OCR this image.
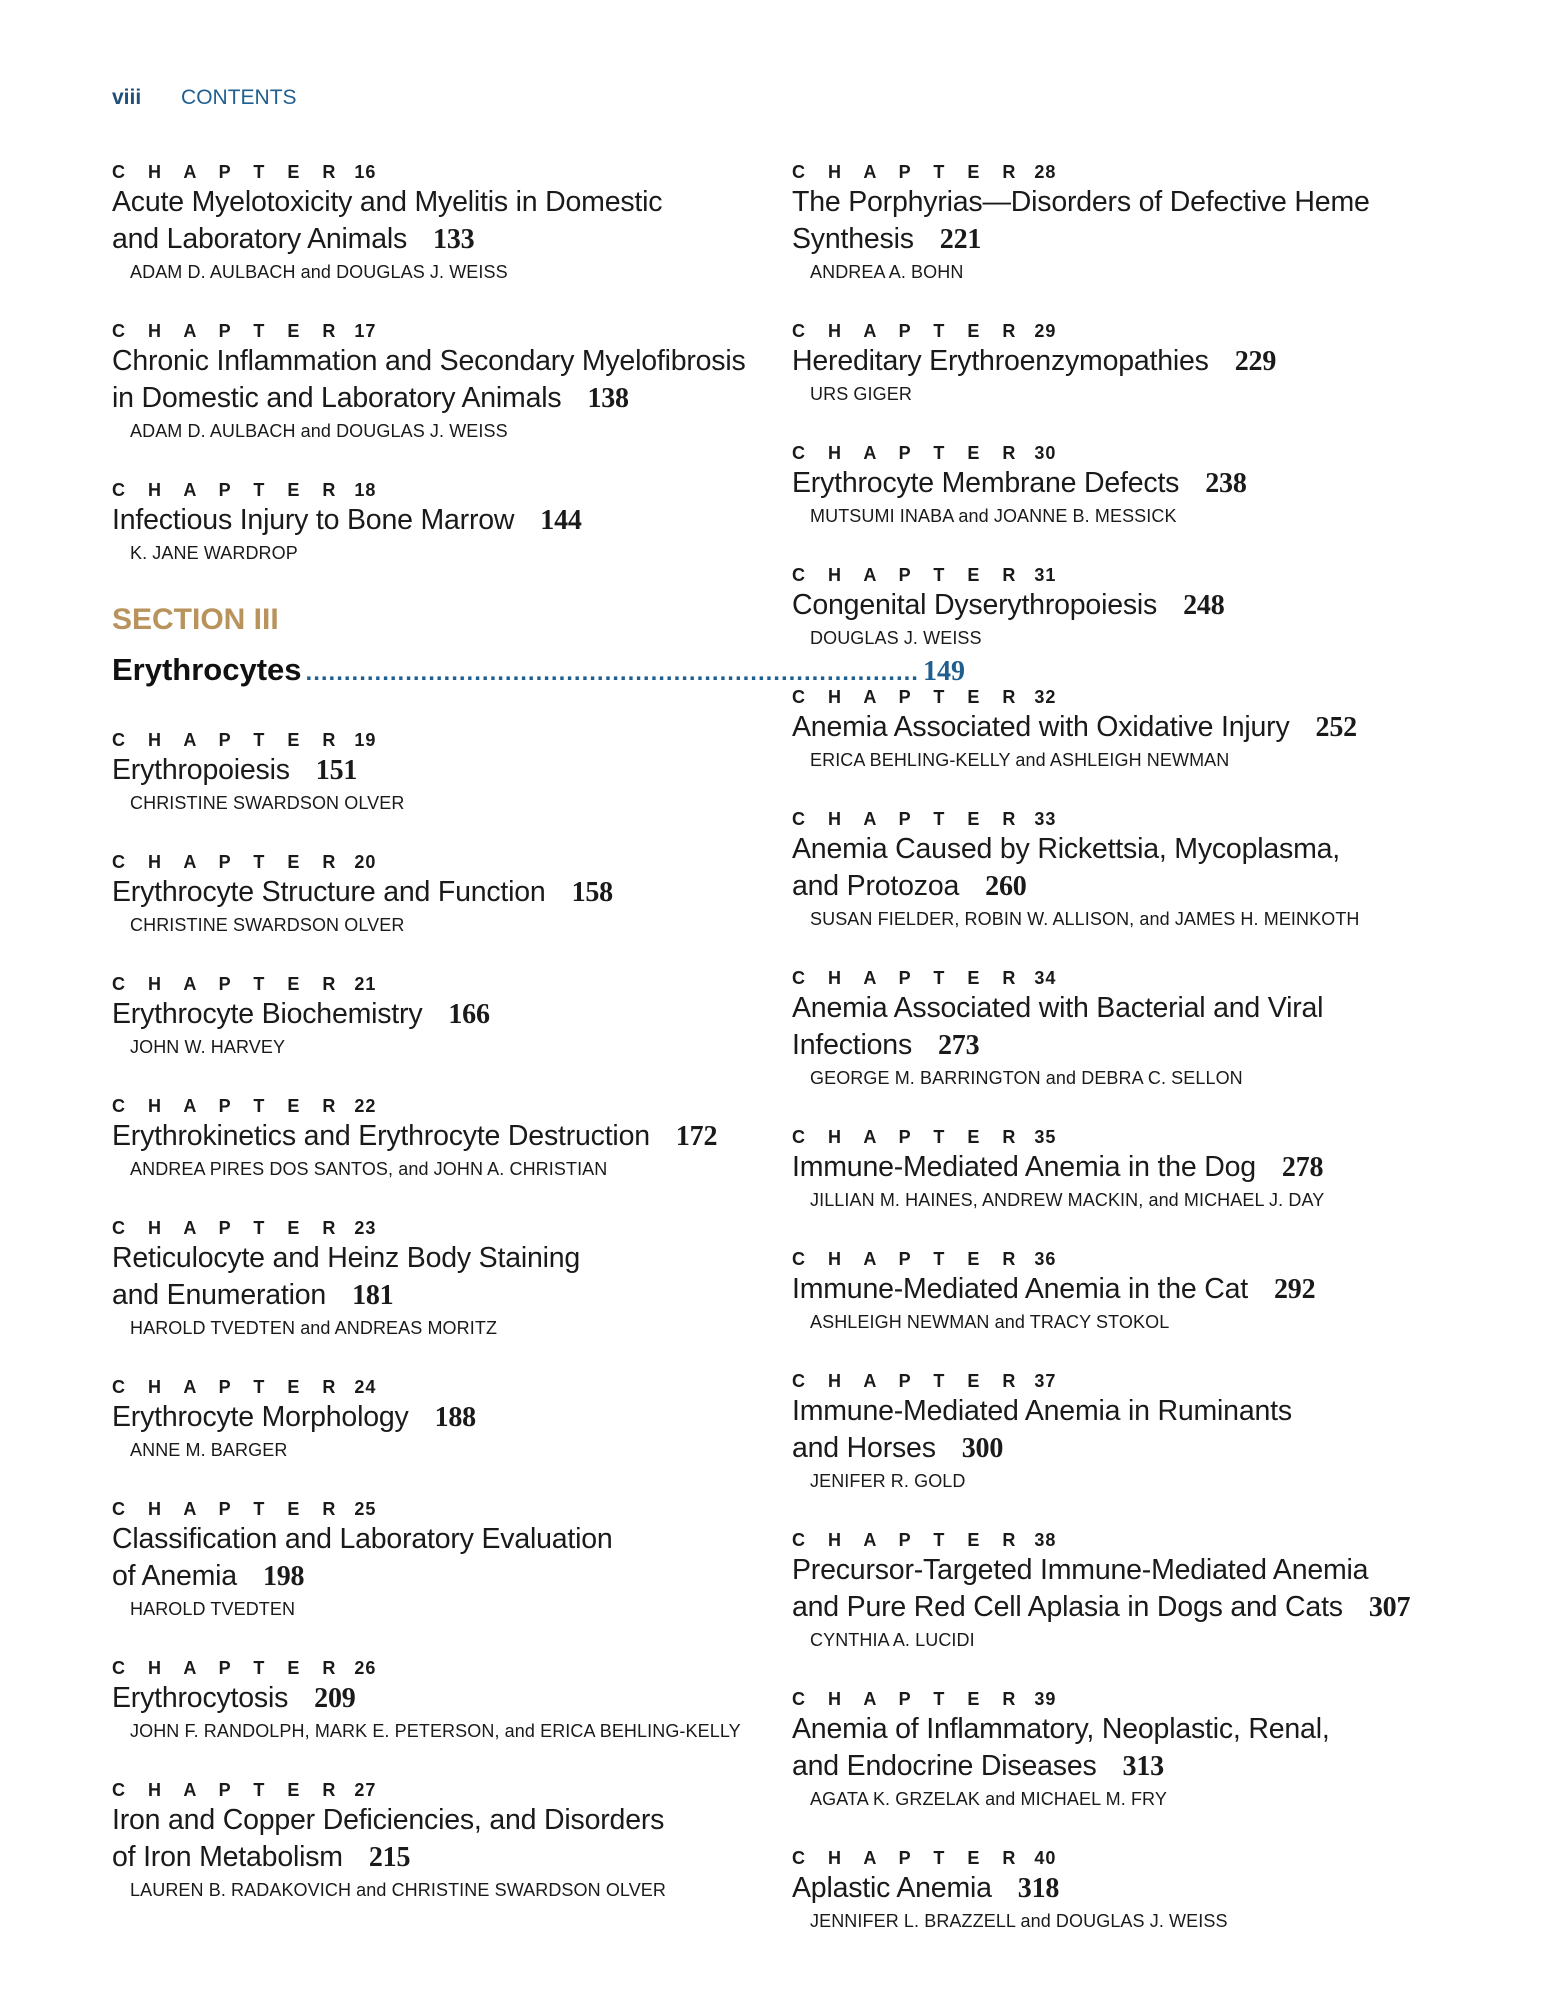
viii CONTENTS
C H A P T E R 16
Acute Myelotoxicity and Myelitis in Domestic
and Laboratory Animals 133
ADAM D. AULBACH and DOUGLAS J. WEISS
C H A P T E R 17
Chronic Inflammation and Secondary Myelofibrosis
in Domestic and Laboratory Animals 138
ADAM D. AULBACH and DOUGLAS J. WEISS
C H A P T E R 18
Infectious Injury to Bone Marrow 144
K. JANE WARDROP
SECTION III
Erythrocytes ................................................................................ 149
C H A P T E R 19
Erythropoiesis 151
CHRISTINE SWARDSON OLVER
C H A P T E R 20
Erythrocyte Structure and Function 158
CHRISTINE SWARDSON OLVER
C H A P T E R 21
Erythrocyte Biochemistry 166
JOHN W. HARVEY
C H A P T E R 22
Erythrokinetics and Erythrocyte Destruction 172
ANDREA PIRES DOS SANTOS, and JOHN A. CHRISTIAN
C H A P T E R 23
Reticulocyte and Heinz Body Staining
and Enumeration 181
HAROLD TVEDTEN and ANDREAS MORITZ
C H A P T E R 24
Erythrocyte Morphology 188
ANNE M. BARGER
C H A P T E R 25
Classification and Laboratory Evaluation
of Anemia 198
HAROLD TVEDTEN
C H A P T E R 26
Erythrocytosis 209
JOHN F. RANDOLPH, MARK E. PETERSON, and ERICA BEHLING-KELLY
C H A P T E R 27
Iron and Copper Deficiencies, and Disorders
of Iron Metabolism 215
LAUREN B. RADAKOVICH and CHRISTINE SWARDSON OLVER
C H A P T E R 28
The Porphyrias—Disorders of Defective Heme
Synthesis 221
ANDREA A. BOHN
C H A P T E R 29
Hereditary Erythroenzymopathies 229
URS GIGER
C H A P T E R 30
Erythrocyte Membrane Defects 238
MUTSUMI INABA and JOANNE B. MESSICK
C H A P T E R 31
Congenital Dyserythropoiesis 248
DOUGLAS J. WEISS
C H A P T E R 32
Anemia Associated with Oxidative Injury 252
ERICA BEHLING-KELLY and ASHLEIGH NEWMAN
C H A P T E R 33
Anemia Caused by Rickettsia, Mycoplasma,
and Protozoa 260
SUSAN FIELDER, ROBIN W. ALLISON, and JAMES H. MEINKOTH
C H A P T E R 34
Anemia Associated with Bacterial and Viral
Infections 273
GEORGE M. BARRINGTON and DEBRA C. SELLON
C H A P T E R 35
Immune-Mediated Anemia in the Dog 278
JILLIAN M. HAINES, ANDREW MACKIN, and MICHAEL J. DAY
C H A P T E R 36
Immune-Mediated Anemia in the Cat 292
ASHLEIGH NEWMAN and TRACY STOKOL
C H A P T E R 37
Immune-Mediated Anemia in Ruminants
and Horses 300
JENIFER R. GOLD
C H A P T E R 38
Precursor-Targeted Immune-Mediated Anemia
and Pure Red Cell Aplasia in Dogs and Cats 307
CYNTHIA A. LUCIDI
C H A P T E R 39
Anemia of Inflammatory, Neoplastic, Renal,
and Endocrine Diseases 313
AGATA K. GRZELAK and MICHAEL M. FRY
C H A P T E R 40
Aplastic Anemia 318
JENNIFER L. BRAZZELL and DOUGLAS J. WEISS
